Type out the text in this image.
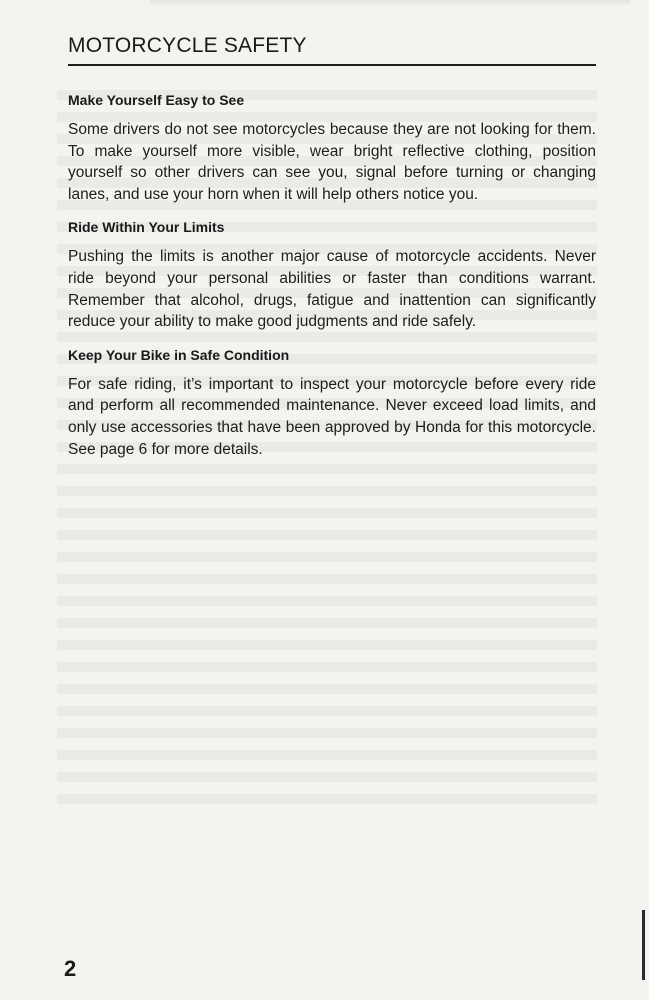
MOTORCYCLE SAFETY
Make Yourself Easy to See

Some drivers do not see motorcycles because they are not looking for them. To make yourself more visible, wear bright reflective clothing, position yourself so other drivers can see you, signal before turning or changing lanes, and use your horn when it will help others notice you.

Ride Within Your Limits

Pushing the limits is another major cause of motorcycle accidents. Never ride beyond your personal abilities or faster than conditions warrant. Remember that alcohol, drugs, fatigue and inattention can significantly reduce your ability to make good judgments and ride safely.

Keep Your Bike in Safe Condition

For safe riding, it’s important to inspect your motorcycle before every ride and perform all recommended maintenance. Never exceed load limits, and only use accessories that have been approved by Honda for this motorcycle. See page 6 for more details.

2
